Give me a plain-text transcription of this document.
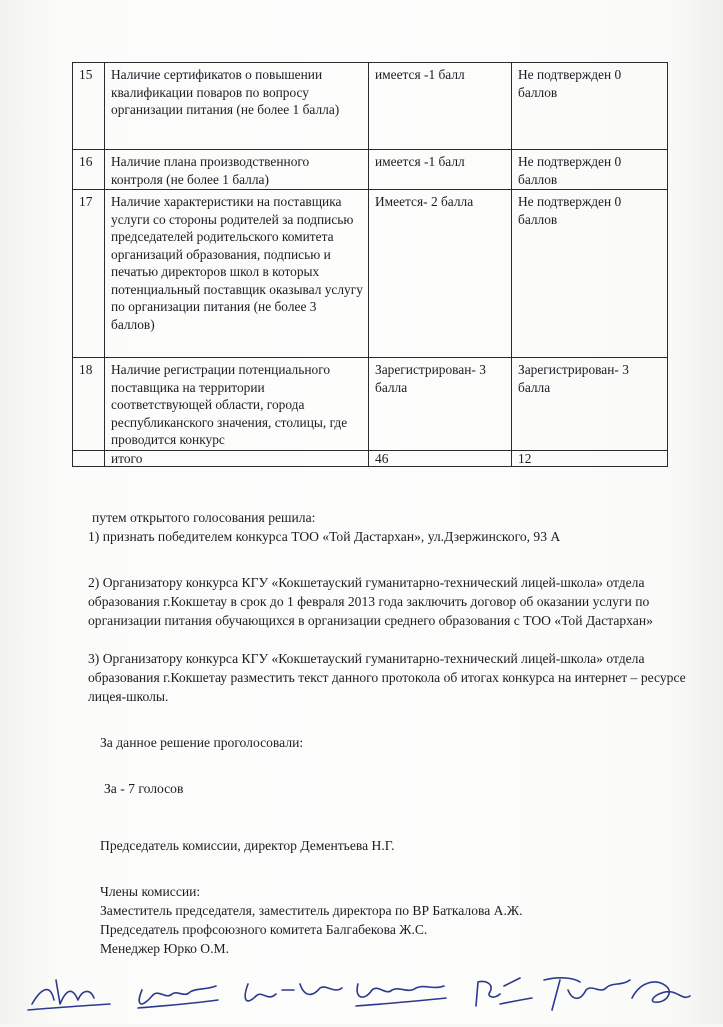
15	Наличие сертификатов о повышении квалификации поваров по вопросу организации питания (не более 1 балла)	имеется -1 балл	Не подтвержден 0 баллов
16	Наличие плана производственного контроля (не более 1 балла)	имеется -1 балл	Не подтвержден 0 баллов
17	Наличие характеристики на поставщика услуги со стороны родителей за подписью председателей родительского комитета организаций образования, подписью и печатью директоров школ в которых потенциальный поставщик оказывал услугу по организации питания (не более 3 баллов)	Имеется- 2 балла	Не подтвержден 0 баллов
18	Наличие регистрации потенциального поставщика на территории соответствующей области, города республиканского значения, столицы, где проводится конкурс	Зарегистрирован- 3 балла	Зарегистрирован- 3 балла
	итого	46	12

путем открытого голосования решила:

1) признать победителем конкурса ТОО «Той Дастархан», ул.Дзержинского, 93 А

2) Организатору конкурса КГУ «Кокшетауский гуманитарно-технический лицей-школа» отдела образования г.Кокшетау в срок до 1 февраля 2013 года заключить договор об оказании услуги по организации питания обучающихся в организации среднего образования с ТОО «Той Дастархан»

3) Организатору конкурса КГУ «Кокшетауский гуманитарно-технический лицей-школа» отдела образования г.Кокшетау разместить текст данного протокола об итогах конкурса на интернет – ресурсе лицея-школы.

За данное решение проголосовали:

За - 7 голосов

Председатель комиссии, директор Дементьева Н.Г.

Члены комиссии:

Заместитель председателя, заместитель директора по ВР Баткалова А.Ж.

Председатель профсоюзного комитета Балгабекова Ж.С.

Менеджер Юрко О.М.
